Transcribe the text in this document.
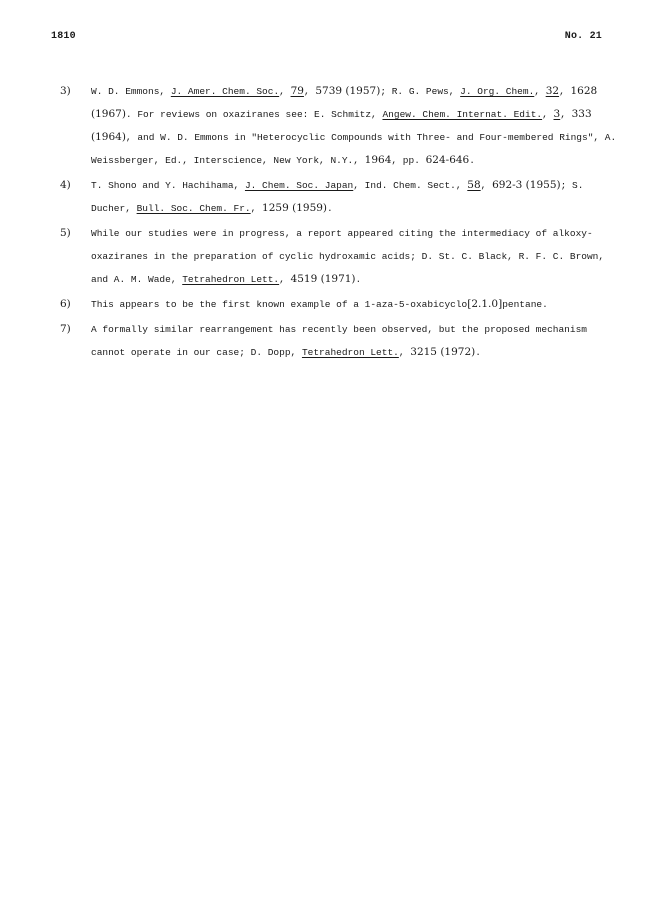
1810	No. 21
3) W. D. Emmons, J. Amer. Chem. Soc., 79, 5739 (1957); R. G. Pews, J. Org. Chem., 32, 1628 (1967). For reviews on oxaziranes see: E. Schmitz, Angew. Chem. Internat. Edit., 3, 333 (1964), and W. D. Emmons in "Heterocyclic Compounds with Three- and Four-membered Rings", A. Weissberger, Ed., Interscience, New York, N.Y., 1964, pp. 624-646.
4) T. Shono and Y. Hachihama, J. Chem. Soc. Japan, Ind. Chem. Sect., 58, 692-3 (1955); S. Ducher, Bull. Soc. Chem. Fr., 1259 (1959).
5) While our studies were in progress, a report appeared citing the intermediacy of alkoxy-oxaziranes in the preparation of cyclic hydroxamic acids; D. St. C. Black, R. F. C. Brown, and A. M. Wade, Tetrahedron Lett., 4519 (1971).
6) This appears to be the first known example of a 1-aza-5-oxabicyclo[2.1.0]pentane.
7) A formally similar rearrangement has recently been observed, but the proposed mechanism cannot operate in our case; D. Dopp, Tetrahedron Lett., 3215 (1972).
